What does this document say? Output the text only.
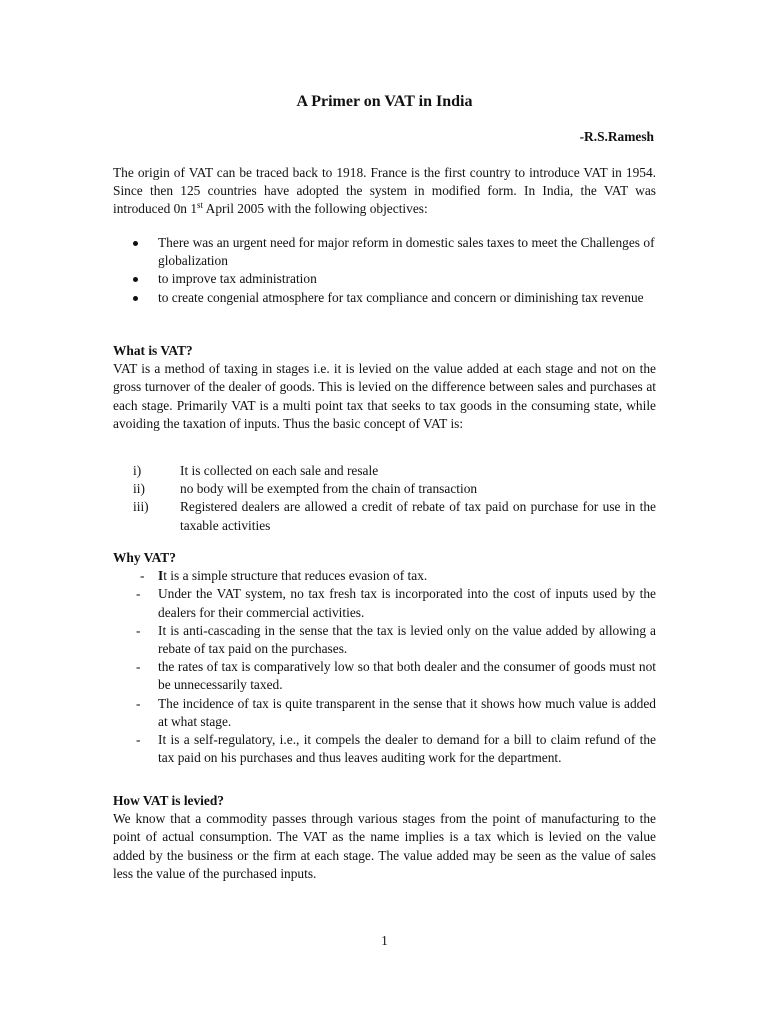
A Primer on VAT in India
-R.S.Ramesh
The origin of VAT can be traced back to 1918. France is the first country to introduce VAT in 1954. Since then 125 countries have adopted the system in modified form. In India, the VAT was introduced 0n 1st April 2005 with the following objectives:
There was an urgent need for major reform in domestic sales taxes to meet the Challenges of globalization
to improve tax administration
to create congenial atmosphere for tax compliance and concern or diminishing tax revenue

What is VAT?

VAT is a method of taxing in stages i.e. it is levied on the value added at each stage and not on the gross turnover of the dealer of goods. This is levied on the difference between sales and purchases at each stage. Primarily VAT is a multi point tax that seeks to tax goods in the consuming state, while avoiding the taxation of inputs. Thus the basic concept of VAT is:

i)	It is collected on each sale and resale
ii)	no body will be exempted from the chain of transaction
iii) Registered dealers are allowed a credit of rebate of tax paid on purchase for use in the taxable activities

Why VAT?

- It is a simple structure that reduces evasion of tax.
- Under the VAT system, no tax fresh tax is incorporated into the cost of inputs used by the dealers for their commercial activities.
- It is anti-cascading in the sense that the tax is levied only on the value added by allowing a rebate of tax paid on the purchases.
- the rates of tax is comparatively low so that both dealer and the consumer of goods must not be unnecessarily taxed.
- The incidence of tax is quite transparent in the sense that it shows how much value is added at what stage.
- It is a self-regulatory, i.e., it compels the dealer to demand for a bill to claim refund of the tax paid on his purchases and thus leaves auditing work for the department.

How VAT is levied?

We know that a commodity passes through various stages from the point of manufacturing to the point of actual consumption. The VAT as the name implies is a tax which is levied on the value added by the business or the firm at each stage. The value added may be seen as the value of sales less the value of the purchased inputs.

1
